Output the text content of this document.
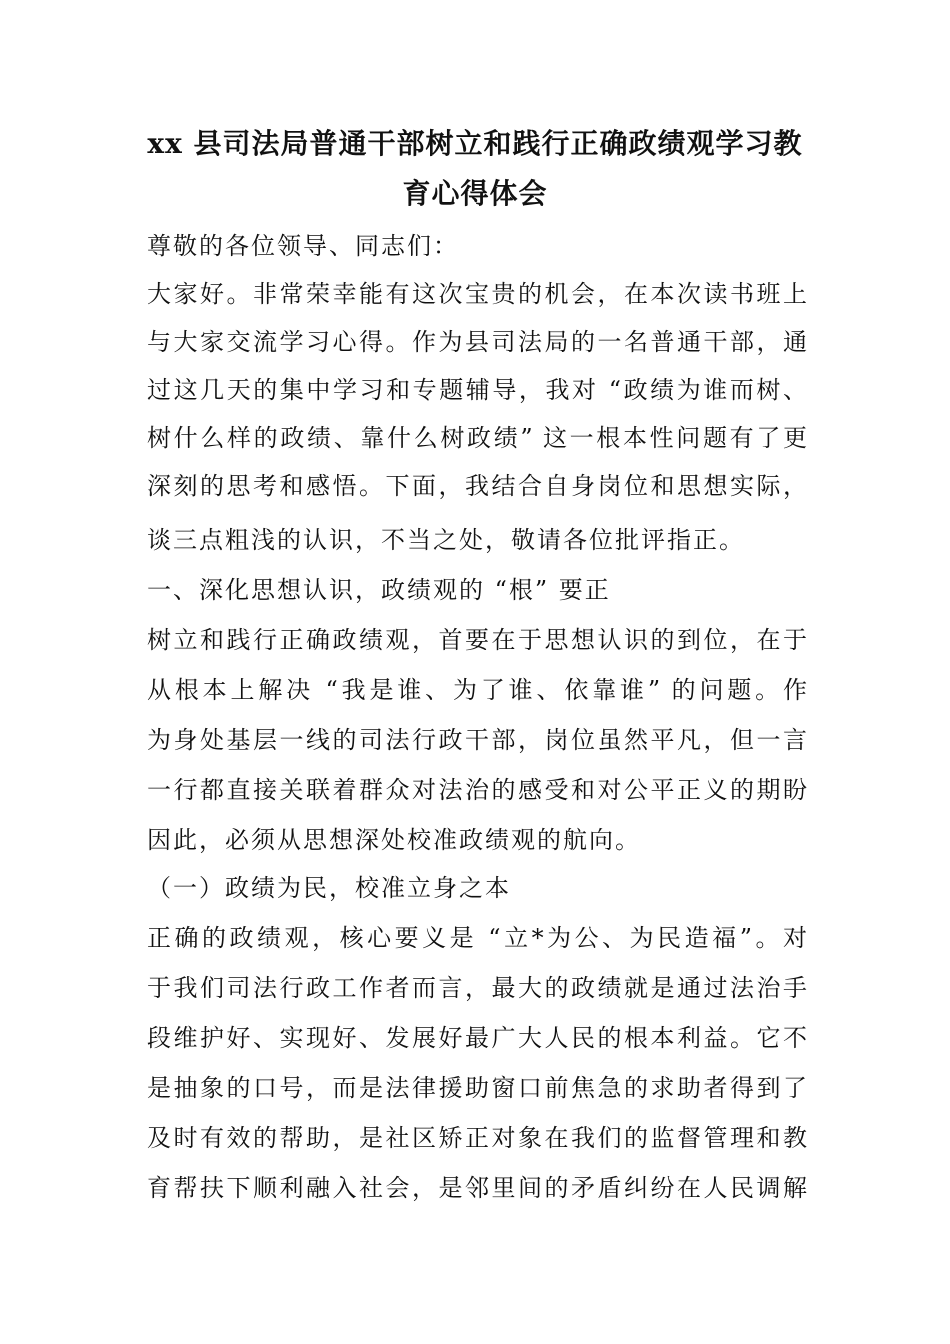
xx 县司法局普通干部树立和践行正确政绩观学习教
育心得体会
尊敬的各位领导、同志们：
大家好。非常荣幸能有这次宝贵的机会，在本次读书班上
与大家交流学习心得。作为县司法局的一名普通干部，通
过这几天的集中学习和专题辅导，我对 “政绩为谁而树、
树什么样的政绩、靠什么树政绩” 这一根本性问题有了更
深刻的思考和感悟。下面，我结合自身岗位和思想实际，
谈三点粗浅的认识，不当之处，敬请各位批评指正。
一、深化思想认识，政绩观的 “根” 要正
树立和践行正确政绩观，首要在于思想认识的到位，在于
从根本上解决 “我是谁、为了谁、依靠谁” 的问题。作
为身处基层一线的司法行政干部，岗位虽然平凡，但一言
一行都直接关联着群众对法治的感受和对公平正义的期盼
因此，必须从思想深处校准政绩观的航向。
（一）政绩为民，校准立身之本
正确的政绩观，核心要义是 “立*为公、为民造福”。对
于我们司法行政工作者而言，最大的政绩就是通过法治手
段维护好、实现好、发展好最广大人民的根本利益。它不
是抽象的口号，而是法律援助窗口前焦急的求助者得到了
及时有效的帮助，是社区矫正对象在我们的监督管理和教
育帮扶下顺利融入社会，是邻里间的矛盾纠纷在人民调解
